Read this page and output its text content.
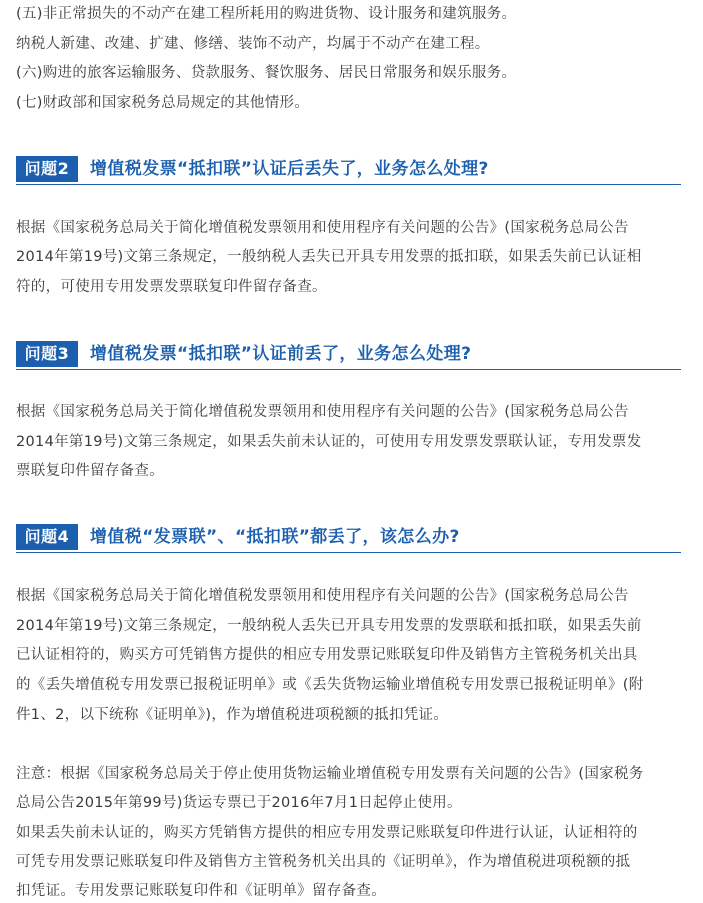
(五)非正常损失的不动产在建工程所耗用的购进货物、设计服务和建筑服务。
纳税人新建、改建、扩建、修缮、装饰不动产，均属于不动产在建工程。
(六)购进的旅客运输服务、贷款服务、餐饮服务、居民日常服务和娱乐服务。
(七)财政部和国家税务总局规定的其他情形。
问题2	增值税发票“抵扣联”认证后丢失了，业务怎么处理?
根据《国家税务总局关于简化增值税发票领用和使用程序有关问题的公告》(国家税务总局公告
2014年第19号)文第三条规定，一般纳税人丢失已开具专用发票的抵扣联，如果丢失前已认证相
符的，可使用专用发票发票联复印件留存备查。
问题3	增值税发票“抵扣联”认证前丢了，业务怎么处理?
根据《国家税务总局关于简化增值税发票领用和使用程序有关问题的公告》(国家税务总局公告
2014年第19号)文第三条规定，如果丢失前未认证的，可使用专用发票发票联认证，专用发票发
票联复印件留存备查。
问题4	增值税“发票联”、“抵扣联”都丢了，该怎么办?
根据《国家税务总局关于简化增值税发票领用和使用程序有关问题的公告》(国家税务总局公告
2014年第19号)文第三条规定，一般纳税人丢失已开具专用发票的发票联和抵扣联，如果丢失前
已认证相符的，购买方可凭销售方提供的相应专用发票记账联复印件及销售方主管税务机关出具
的《丢失增值税专用发票已报税证明单》或《丢失货物运输业增值税专用发票已报税证明单》(附
件1、2，以下统称《证明单》)，作为增值税进项税额的抵扣凭证。
注意：根据《国家税务总局关于停止使用货物运输业增值税专用发票有关问题的公告》(国家税务
总局公告2015年第99号)货运专票已于2016年7月1日起停止使用。
如果丢失前未认证的，购买方凭销售方提供的相应专用发票记账联复印件进行认证，认证相符的
可凭专用发票记账联复印件及销售方主管税务机关出具的《证明单》，作为增值税进项税额的抵
扣凭证。专用发票记账联复印件和《证明单》留存备查。
